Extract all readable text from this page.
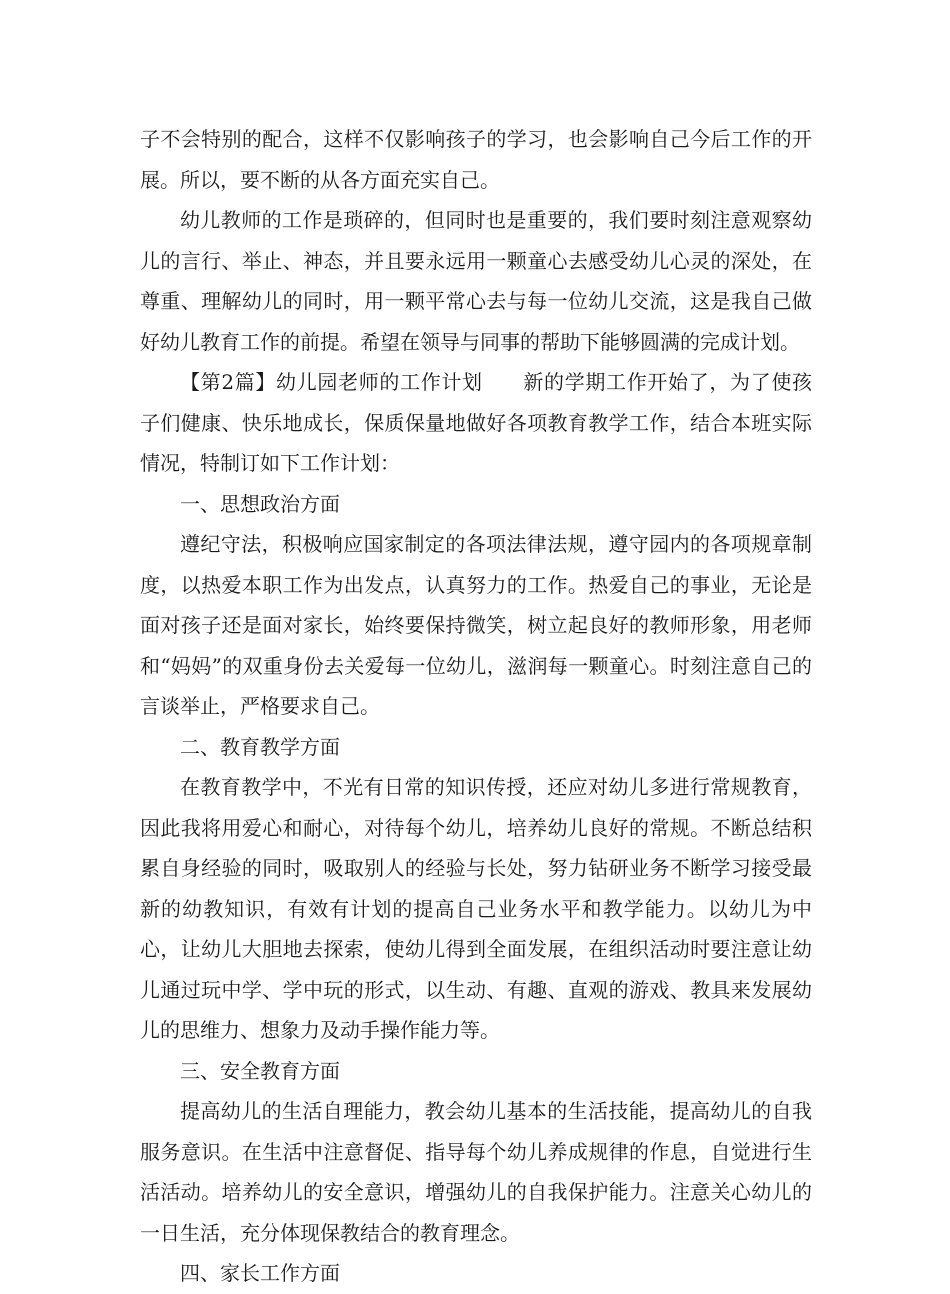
子不会特别的配合，这样不仅影响孩子的学习，也会影响自己今后工作的开展。所以，要不断的从各方面充实自己。

幼儿教师的工作是琐碎的，但同时也是重要的，我们要时刻注意观察幼儿的言行、举止、神态，并且要永远用一颗童心去感受幼儿心灵的深处，在尊重、理解幼儿的同时，用一颗平常心去与每一位幼儿交流，这是我自己做好幼儿教育工作的前提。希望在领导与同事的帮助下能够圆满的完成计划。

【第2篇】幼儿园老师的工作计划 新的学期工作开始了，为了使孩子们健康、快乐地成长，保质保量地做好各项教育教学工作，结合本班实际情况，特制订如下工作计划：

一、思想政治方面

遵纪守法，积极响应国家制定的各项法律法规，遵守园内的各项规章制度，以热爱本职工作为出发点，认真努力的工作。热爱自己的事业，无论是面对孩子还是面对家长，始终要保持微笑，树立起良好的教师形象，用老师和“妈妈”的双重身份去关爱每一位幼儿，滋润每一颗童心。时刻注意自己的言谈举止，严格要求自己。

二、教育教学方面

在教育教学中，不光有日常的知识传授，还应对幼儿多进行常规教育，因此我将用爱心和耐心，对待每个幼儿，培养幼儿良好的常规。不断总结积累自身经验的同时，吸取别人的经验与长处，努力钻研业务不断学习接受最新的幼教知识，有效有计划的提高自己业务水平和教学能力。以幼儿为中心，让幼儿大胆地去探索，使幼儿得到全面发展，在组织活动时要注意让幼儿通过玩中学、学中玩的形式，以生动、有趣、直观的游戏、教具来发展幼儿的思维力、想象力及动手操作能力等。

三、安全教育方面

提高幼儿的生活自理能力，教会幼儿基本的生活技能，提高幼儿的自我服务意识。在生活中注意督促、指导每个幼儿养成规律的作息，自觉进行生活活动。培养幼儿的安全意识，增强幼儿的自我保护能力。注意关心幼儿的一日生活，充分体现保教结合的教育理念。

四、家长工作方面
